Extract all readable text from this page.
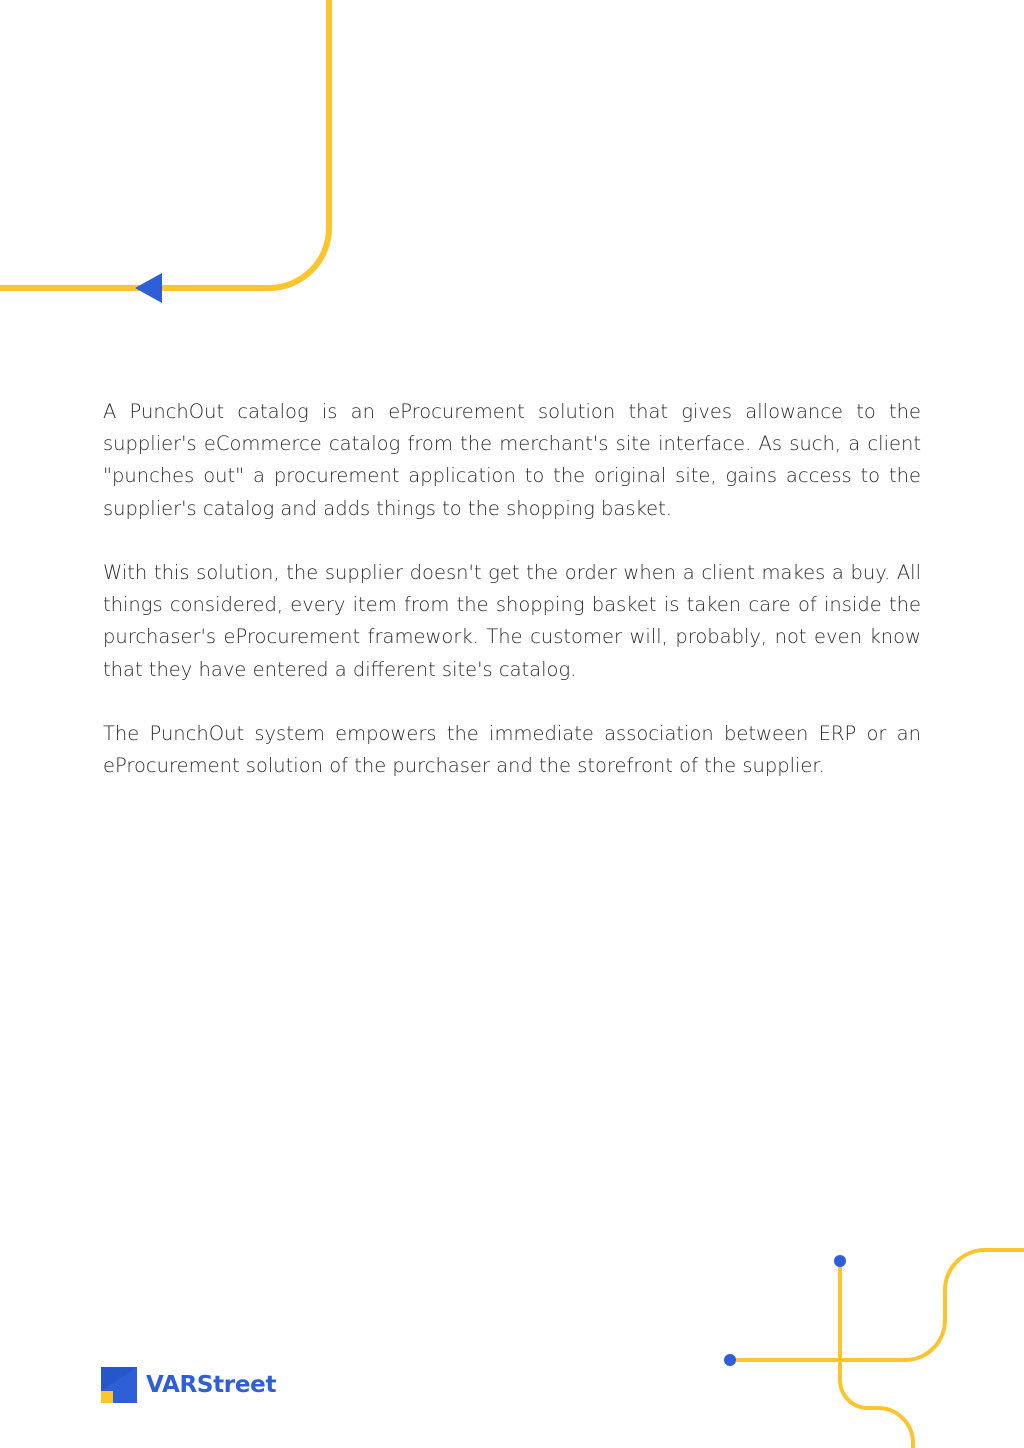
A PunchOut catalog is an eProcurement solution that gives allowance to the supplier's eCommerce catalog from the merchant's site interface. As such, a client "punches out" a procurement application to the original site, gains access to the supplier's catalog and adds things to the shopping basket.

With this solution, the supplier doesn't get the order when a client makes a buy. All things considered, every item from the shopping basket is taken care of inside the purchaser's eProcurement framework. The customer will, probably, not even know that they have entered a different site's catalog.

The PunchOut system empowers the immediate association between ERP or an eProcurement solution of the purchaser and the storefront of the supplier.

VARStreet
